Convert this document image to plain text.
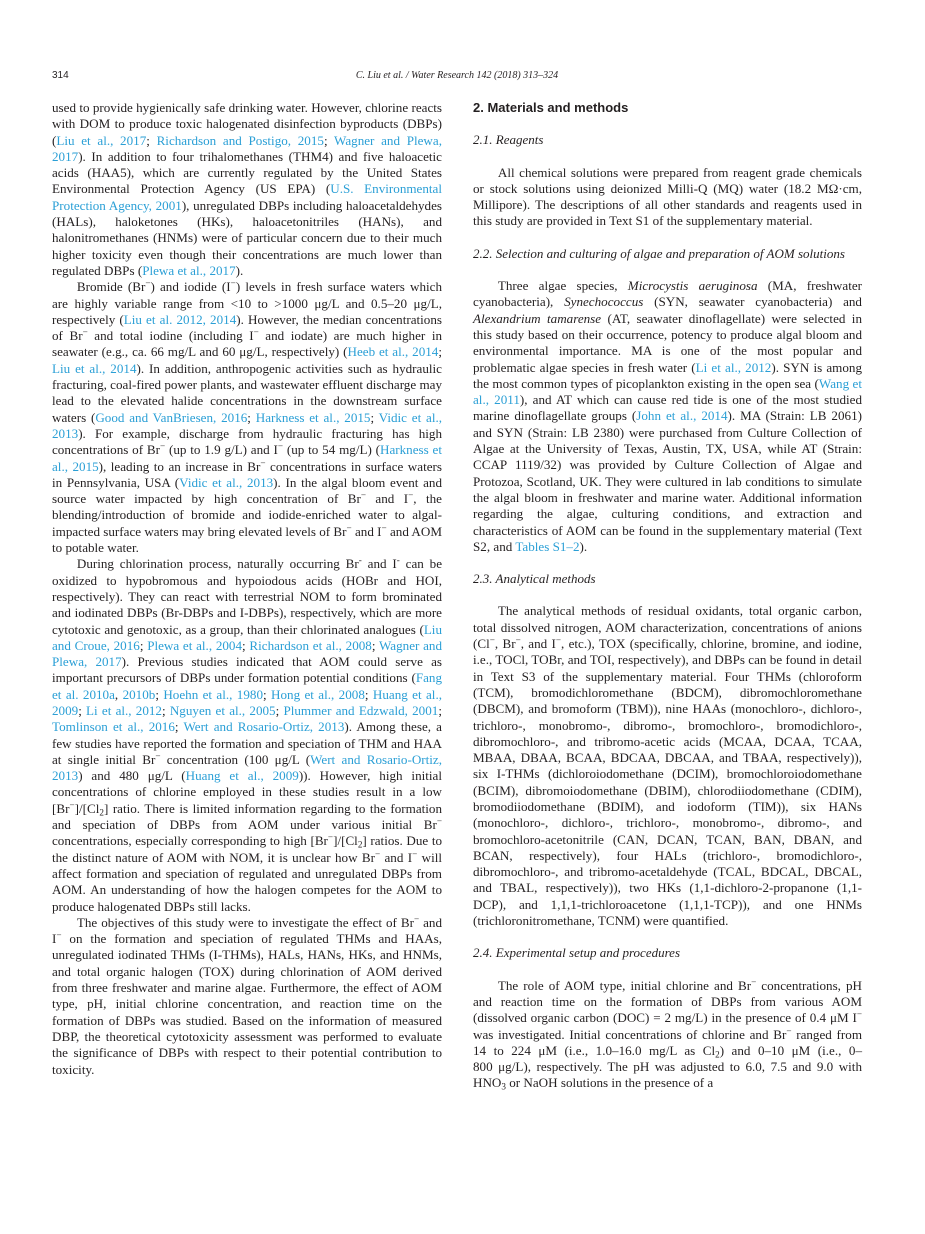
314	C. Liu et al. / Water Research 142 (2018) 313–324

used to provide hygienically safe drinking water. However, chlorine reacts with DOM to produce toxic halogenated disinfection byproducts (DBPs) (Liu et al., 2017; Richardson and Postigo, 2015; Wagner and Plewa, 2017). In addition to four trihalomethanes (THM4) and five haloacetic acids (HAA5), which are currently regulated by the United States Environmental Protection Agency (US EPA) (U.S. Environmental Protection Agency, 2001), unregulated DBPs including haloacetaldehydes (HALs), haloketones (HKs), haloacetonitriles (HANs), and halonitromethanes (HNMs) were of particular concern due to their much higher toxicity even though their concentrations are much lower than regulated DBPs (Plewa et al., 2017).

Bromide (Br−) and iodide (I−) levels in fresh surface waters which are highly variable range from <10 to >1000 μg/L and 0.5–20 μg/L, respectively (Liu et al. 2012, 2014). However, the median concentrations of Br− and total iodine (including I− and iodate) are much higher in seawater (e.g., ca. 66 mg/L and 60 μg/L, respectively) (Heeb et al., 2014; Liu et al., 2014). In addition, anthropogenic activities such as hydraulic fracturing, coal-fired power plants, and wastewater effluent discharge may lead to the elevated halide concentrations in the downstream surface waters (Good and VanBriesen, 2016; Harkness et al., 2015; Vidic et al., 2013). For example, discharge from hydraulic fracturing has high concentrations of Br− (up to 1.9 g/L) and I− (up to 54 mg/L) (Harkness et al., 2015), leading to an increase in Br− concentrations in surface waters in Pennsylvania, USA (Vidic et al., 2013). In the algal bloom event and source water impacted by high concentration of Br− and I−, the blending/introduction of bromide and iodide-enriched water to algal-impacted surface waters may bring elevated levels of Br− and I− and AOM to potable water.

During chlorination process, naturally occurring Br- and I- can be oxidized to hypobromous and hypoiodous acids (HOBr and HOI, respectively). They can react with terrestrial NOM to form brominated and iodinated DBPs (Br-DBPs and I-DBPs), respectively, which are more cytotoxic and genotoxic, as a group, than their chlorinated analogues (Liu and Croue, 2016; Plewa et al., 2004; Richardson et al., 2008; Wagner and Plewa, 2017). Previous studies indicated that AOM could serve as important precursors of DBPs under formation potential conditions (Fang et al. 2010a, 2010b; Hoehn et al., 1980; Hong et al., 2008; Huang et al., 2009; Li et al., 2012; Nguyen et al., 2005; Plummer and Edzwald, 2001; Tomlinson et al., 2016; Wert and Rosario-Ortiz, 2013). Among these, a few studies have reported the formation and speciation of THM and HAA at single initial Br− concentration (100 μg/L (Wert and Rosario-Ortiz, 2013) and 480 μg/L (Huang et al., 2009)). However, high initial concentrations of chlorine employed in these studies result in a low $[Br^-]/[Cl_2]$ ratio. There is limited information regarding to the formation and speciation of DBPs from AOM under various initial Br− concentrations, especially corresponding to high $[Br^-]/[Cl_2]$ ratios. Due to the distinct nature of AOM with NOM, it is unclear how Br− and I− will affect formation and speciation of regulated and unregulated DBPs from AOM. An understanding of how the halogen competes for the AOM to produce halogenated DBPs still lacks.

The objectives of this study were to investigate the effect of Br− and I− on the formation and speciation of regulated THMs and HAAs, unregulated iodinated THMs (I-THMs), HALs, HANs, HKs, and HNMs, and total organic halogen (TOX) during chlorination of AOM derived from three freshwater and marine algae. Furthermore, the effect of AOM type, pH, initial chlorine concentration, and reaction time on the formation of DBPs was studied. Based on the information of measured DBP, the theoretical cytotoxicity assessment was performed to evaluate the significance of DBPs with respect to their potential contribution to toxicity.

2. Materials and methods
2.1. Reagents

All chemical solutions were prepared from reagent grade chemicals or stock solutions using deionized Milli-Q (MQ) water (18.2 MΩ·cm, Millipore). The descriptions of all other standards and reagents used in this study are provided in Text S1 of the supplementary material.

2.2. Selection and culturing of algae and preparation of AOM solutions

Three algae species, Microcystis aeruginosa (MA, freshwater cyanobacteria), Synechococcus (SYN, seawater cyanobacteria) and Alexandrium tamarense (AT, seawater dinoflagellate) were selected in this study based on their occurrence, potency to produce algal bloom and environmental importance. MA is one of the most popular and problematic algae species in fresh water (Li et al., 2012). SYN is among the most common types of picoplankton existing in the open sea (Wang et al., 2011), and AT which can cause red tide is one of the most studied marine dinoflagellate groups (John et al., 2014). MA (Strain: LB 2061) and SYN (Strain: LB 2380) were purchased from Culture Collection of Algae at the University of Texas, Austin, TX, USA, while AT (Strain: CCAP 1119/32) was provided by Culture Collection of Algae and Protozoa, Scotland, UK. They were cultured in lab conditions to simulate the algal bloom in freshwater and marine water. Additional information regarding the algae, culturing conditions, and extraction and characteristics of AOM can be found in the supplementary material (Text S2, and Tables S1–2).

2.3. Analytical methods

The analytical methods of residual oxidants, total organic carbon, total dissolved nitrogen, AOM characterization, concentrations of anions (Cl−, Br−, and I−, etc.), TOX (specifically, chlorine, bromine, and iodine, i.e., TOCl, TOBr, and TOI, respectively), and DBPs can be found in detail in Text S3 of the supplementary material. Four THMs (chloroform (TCM), bromodichloromethane (BDCM), dibromochloromethane (DBCM), and bromoform (TBM)), nine HAAs (monochloro-, dichloro-, trichloro-, monobromo-, dibromo-, bromochloro-, bromodichloro-, dibromochloro-, and tribromo-acetic acids (MCAA, DCAA, TCAA, MBAA, DBAA, BCAA, BDCAA, DBCAA, and TBAA, respectively)), six I-THMs (dichloroiodomethane (DCIM), bromochloroiodomethane (BCIM), dibromoiodomethane (DBIM), chlorodiiodomethane (CDIM), bromodiiodomethane (BDIM), and iodoform (TIM)), six HANs (monochloro-, dichloro-, trichloro-, monobromo-, dibromo-, and bromochloro-acetonitrile (CAN, DCAN, TCAN, BAN, DBAN, and BCAN, respectively), four HALs (trichloro-, bromodichloro-, dibromochloro-, and tribromo-acetaldehyde (TCAL, BDCAL, DBCAL, and TBAL, respectively)), two HKs (1,1-dichloro-2-propanone (1,1-DCP), and 1,1,1-trichloroacetone (1,1,1-TCP)), and one HNMs (trichloronitromethane, TCNM) were quantified.

2.4. Experimental setup and procedures

The role of AOM type, initial chlorine and Br− concentrations, pH and reaction time on the formation of DBPs from various AOM (dissolved organic carbon (DOC) = 2 mg/L) in the presence of 0.4 μM I− was investigated. Initial concentrations of chlorine and Br− ranged from 14 to 224 μM (i.e., 1.0–16.0 mg/L as $Cl_2$) and 0–10 μM (i.e., 0–800 μg/L), respectively. The pH was adjusted to 6.0, 7.5 and 9.0 with $HNO_3$ or NaOH solutions in the presence of a
